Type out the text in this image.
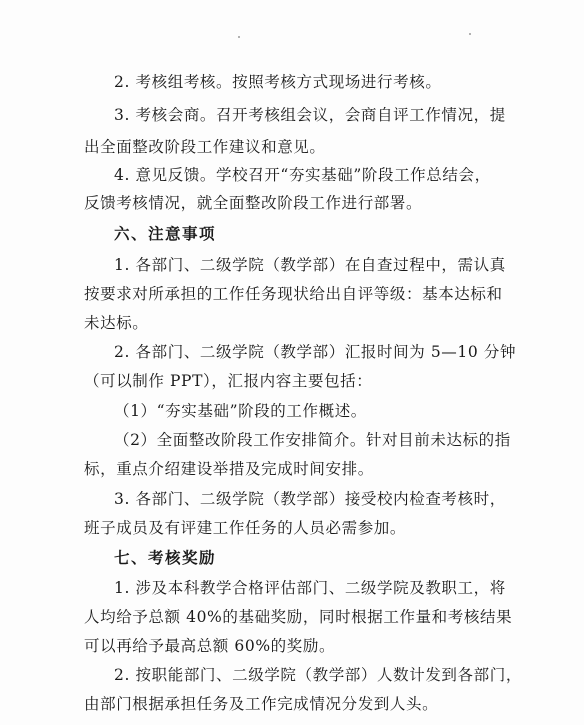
2. 考核组考核。按照考核方式现场进行考核。
3. 考核会商。召开考核组会议，会商自评工作情况，提
出全面整改阶段工作建议和意见。
4. 意见反馈。学校召开“夯实基础”阶段工作总结会，
反馈考核情况，就全面整改阶段工作进行部署。
六、注意事项
1. 各部门、二级学院（教学部）在自查过程中，需认真
按要求对所承担的工作任务现状给出自评等级：基本达标和
未达标。
2. 各部门、二级学院（教学部）汇报时间为 5—10 分钟
（可以制作 PPT），汇报内容主要包括：
（1）“夯实基础”阶段的工作概述。
（2）全面整改阶段工作安排简介。针对目前未达标的指
标，重点介绍建设举措及完成时间安排。
3. 各部门、二级学院（教学部）接受校内检查考核时，
班子成员及有评建工作任务的人员必需参加。
七、考核奖励
1. 涉及本科教学合格评估部门、二级学院及教职工，将
人均给予总额 40%的基础奖励，同时根据工作量和考核结果
可以再给予最高总额 60%的奖励。
2. 按职能部门、二级学院（教学部）人数计发到各部门，
由部门根据承担任务及工作完成情况分发到人头。
